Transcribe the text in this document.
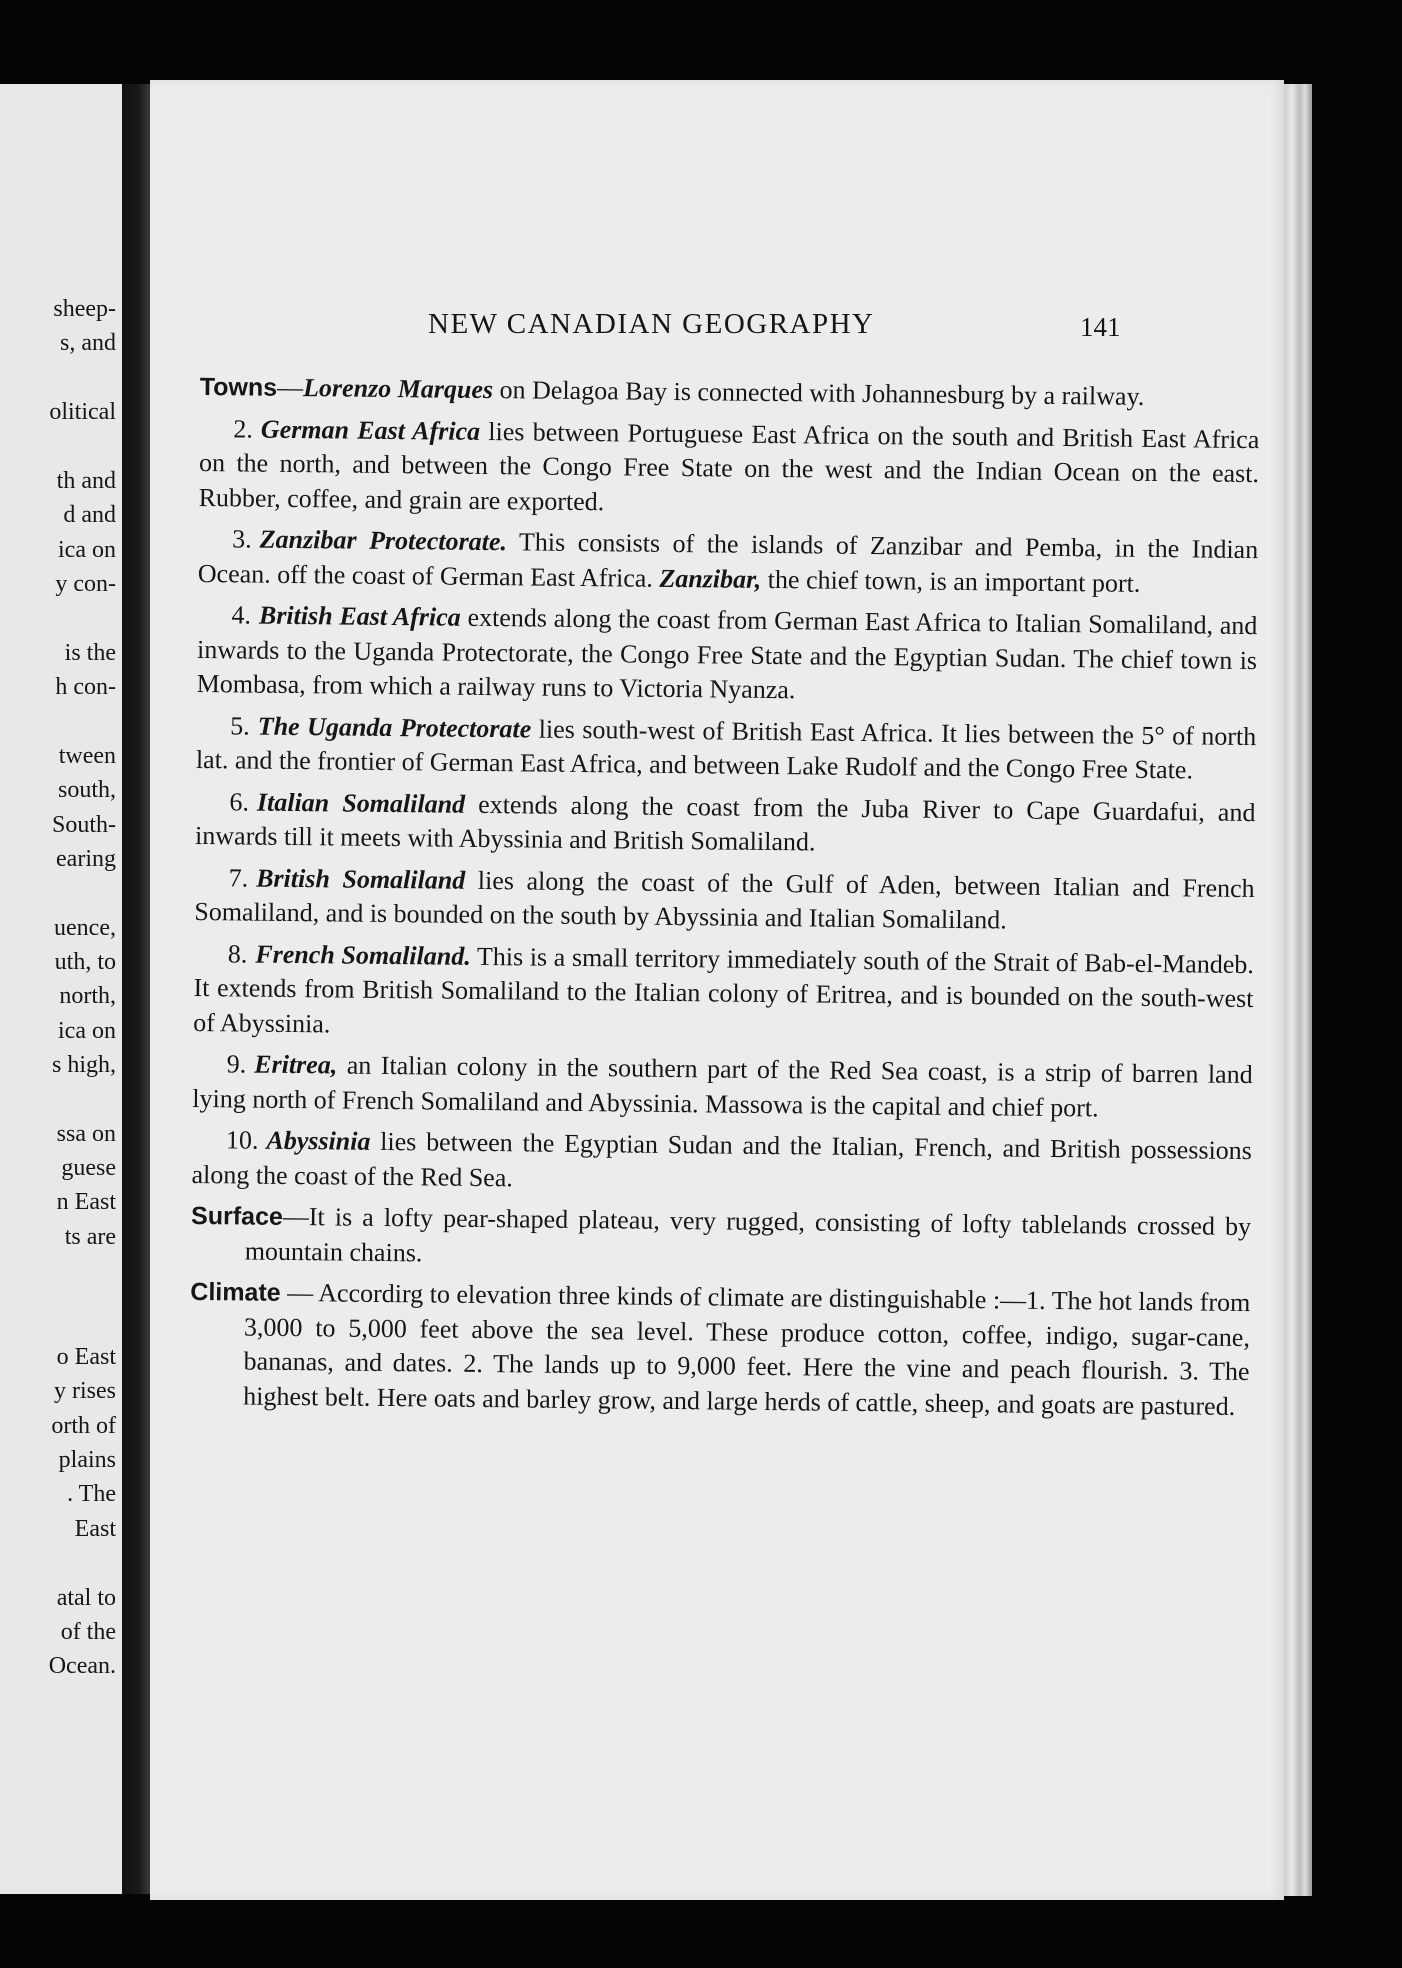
sheep-
s, and
olitical
th and
d and
ica on
y con-
is the
h con-
tween
south,
South-
earing
uence,
uth, to
north,
ica on
s high,
ssa on
guese
n East
ts are
o East
y rises
orth of
plains
. The
East
atal to
of the
Ocean.
NEW CANADIAN GEOGRAPHY	141

Towns—Lorenzo Marques on Delagoa Bay is connected with Johannesburg by a railway.

2. German East Africa lies between Portuguese East Africa on the south and British East Africa on the north, and between the Congo Free State on the west and the Indian Ocean on the east. Rubber, coffee, and grain are exported.

3. Zanzibar Protectorate. This consists of the islands of Zanzibar and Pemba, in the Indian Ocean. off the coast of German East Africa. Zanzibar, the chief town, is an important port.

4. British East Africa extends along the coast from German East Africa to Italian Somaliland, and inwards to the Uganda Protectorate, the Congo Free State and the Egyptian Sudan. The chief town is Mombasa, from which a railway runs to Victoria Nyanza.

5. The Uganda Protectorate lies south-west of British East Africa. It lies between the 5° of north lat. and the frontier of German East Africa, and between Lake Rudolf and the Congo Free State.

6. Italian Somaliland extends along the coast from the Juba River to Cape Guardafui, and inwards till it meets with Abyssinia and British Somaliland.

7. British Somaliland lies along the coast of the Gulf of Aden, between Italian and French Somaliland, and is bounded on the south by Abyssinia and Italian Somaliland.

8. French Somaliland. This is a small territory immediately south of the Strait of Bab-el-Mandeb. It extends from British Somaliland to the Italian colony of Eritrea, and is bounded on the south-west of Abyssinia.

9. Eritrea, an Italian colony in the southern part of the Red Sea coast, is a strip of barren land lying north of French Somaliland and Abyssinia. Massowa is the capital and chief port.

10. Abyssinia lies between the Egyptian Sudan and the Italian, French, and British possessions along the coast of the Red Sea.

Surface—It is a lofty pear-shaped plateau, very rugged, consisting of lofty tablelands crossed by mountain chains.

Climate — Accordirg to elevation three kinds of climate are distinguishable :—1. The hot lands from 3,000 to 5,000 feet above the sea level. These produce cotton, coffee, indigo, sugar-cane, bananas, and dates. 2. The lands up to 9,000 feet. Here the vine and peach flourish. 3. The highest belt. Here oats and barley grow, and large herds of cattle, sheep, and goats are pastured.
